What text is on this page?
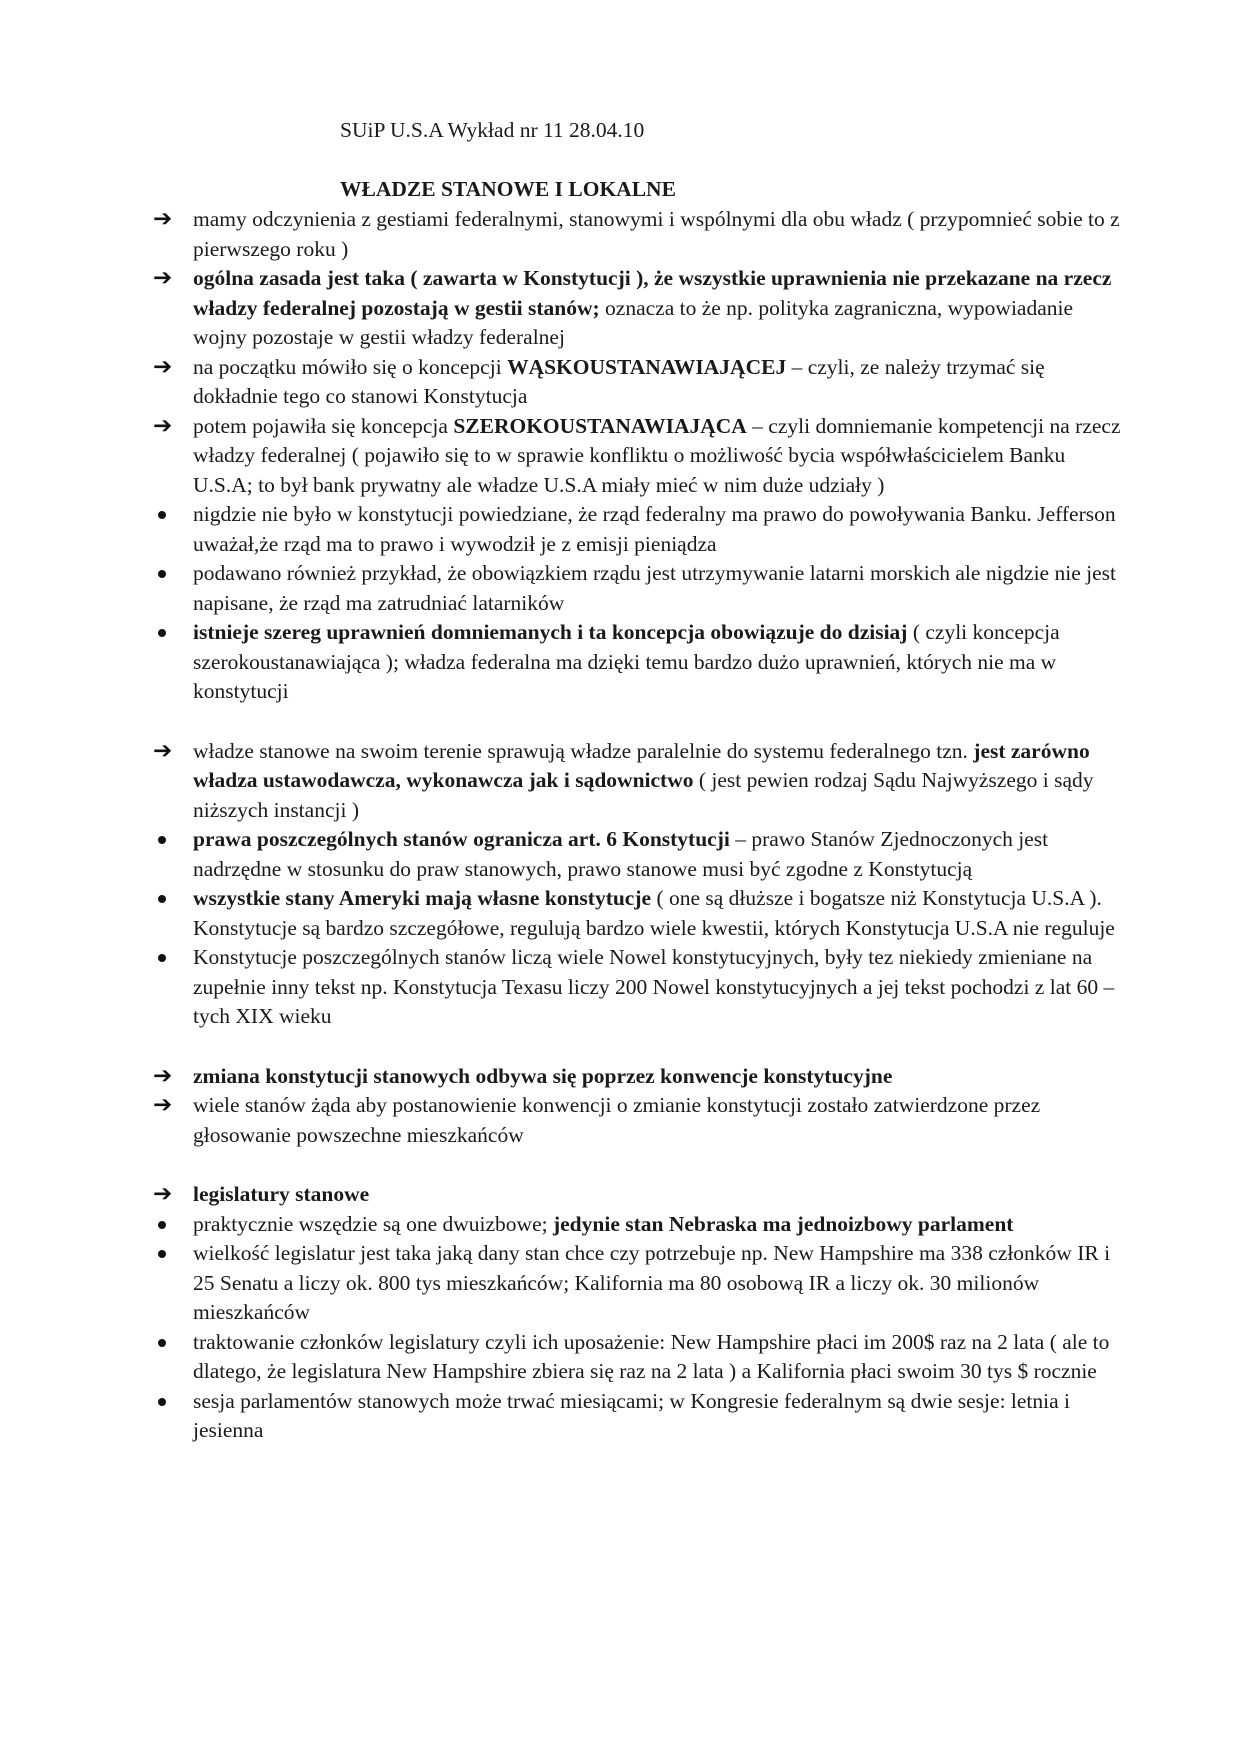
SUiP U.S.A Wykład nr 11 28.04.10
WŁADZE STANOWE I LOKALNE
➔
mamy odczynienia z gestiami federalnymi, stanowymi i wspólnymi dla obu władz ( przypomnieć sobie to z pierwszego roku )
➔
ogólna zasada jest taka ( zawarta w Konstytucji ), że wszystkie uprawnienia nie przekazane na rzecz władzy federalnej pozostają w gestii stanów; oznacza to że np. polityka zagraniczna, wypowiadanie wojny pozostaje w gestii władzy federalnej
➔
na początku mówiło się o koncepcji WĄSKOUSTANAWIAJĄCEJ – czyli, ze należy trzymać się dokładnie tego co stanowi Konstytucja
➔
potem pojawiła się koncepcja SZEROKOUSTANAWIAJĄCA – czyli domniemanie kompetencji na rzecz władzy federalnej ( pojawiło się to w sprawie konfliktu o możliwość bycia współwłaścicielem Banku U.S.A; to był bank prywatny ale władze U.S.A miały mieć w nim duże udziały )
nigdzie nie było w konstytucji powiedziane, że rząd federalny ma prawo do powoływania Banku. Jefferson uważał,że rząd ma to prawo i wywodził je z emisji pieniądza
podawano również przykład, że obowiązkiem rządu jest utrzymywanie latarni morskich ale nigdzie nie jest napisane, że rząd ma zatrudniać latarników
istnieje szereg uprawnień domniemanych i ta koncepcja obowiązuje do dzisiaj ( czyli koncepcja szerokoustanawiająca ); władza federalna ma dzięki temu bardzo dużo uprawnień, których nie ma w konstytucji
➔
władze stanowe na swoim terenie sprawują władze paralelnie do systemu federalnego tzn. jest zarówno władza ustawodawcza, wykonawcza jak i sądownictwo ( jest pewien rodzaj Sądu Najwyższego i sądy niższych instancji )
prawa poszczególnych stanów ogranicza art. 6 Konstytucji – prawo Stanów Zjednoczonych jest nadrzędne w stosunku do praw stanowych, prawo stanowe musi być zgodne z Konstytucją
wszystkie stany Ameryki mają własne konstytucje ( one są dłuższe i bogatsze niż Konstytucja U.S.A ). Konstytucje są bardzo szczegółowe, regulują bardzo wiele kwestii, których Konstytucja U.S.A nie reguluje
Konstytucje poszczególnych stanów liczą wiele Nowel konstytucyjnych, były tez niekiedy zmieniane na zupełnie inny tekst np. Konstytucja Texasu liczy 200 Nowel konstytucyjnych a jej tekst pochodzi z lat 60 – tych XIX wieku
➔
zmiana konstytucji stanowych odbywa się poprzez konwencje konstytucyjne
➔
wiele stanów żąda aby postanowienie konwencji o zmianie konstytucji zostało zatwierdzone przez głosowanie powszechne mieszkańców
➔
legislatury stanowe
praktycznie wszędzie są one dwuizbowe; jedynie stan Nebraska ma jednoizbowy parlament
wielkość legislatur jest taka jaką dany stan chce czy potrzebuje np. New Hampshire ma 338 członków IR i 25 Senatu a liczy ok. 800 tys mieszkańców; Kalifornia ma 80 osobową IR a liczy ok. 30 milionów mieszkańców
traktowanie członków legislatury czyli ich uposażenie: New Hampshire płaci im 200$ raz na 2 lata ( ale to dlatego, że legislatura New Hampshire zbiera się raz na 2 lata ) a Kalifornia płaci swoim 30 tys $ rocznie
sesja parlamentów stanowych może trwać miesiącami; w Kongresie federalnym są dwie sesje: letnia i jesienna
